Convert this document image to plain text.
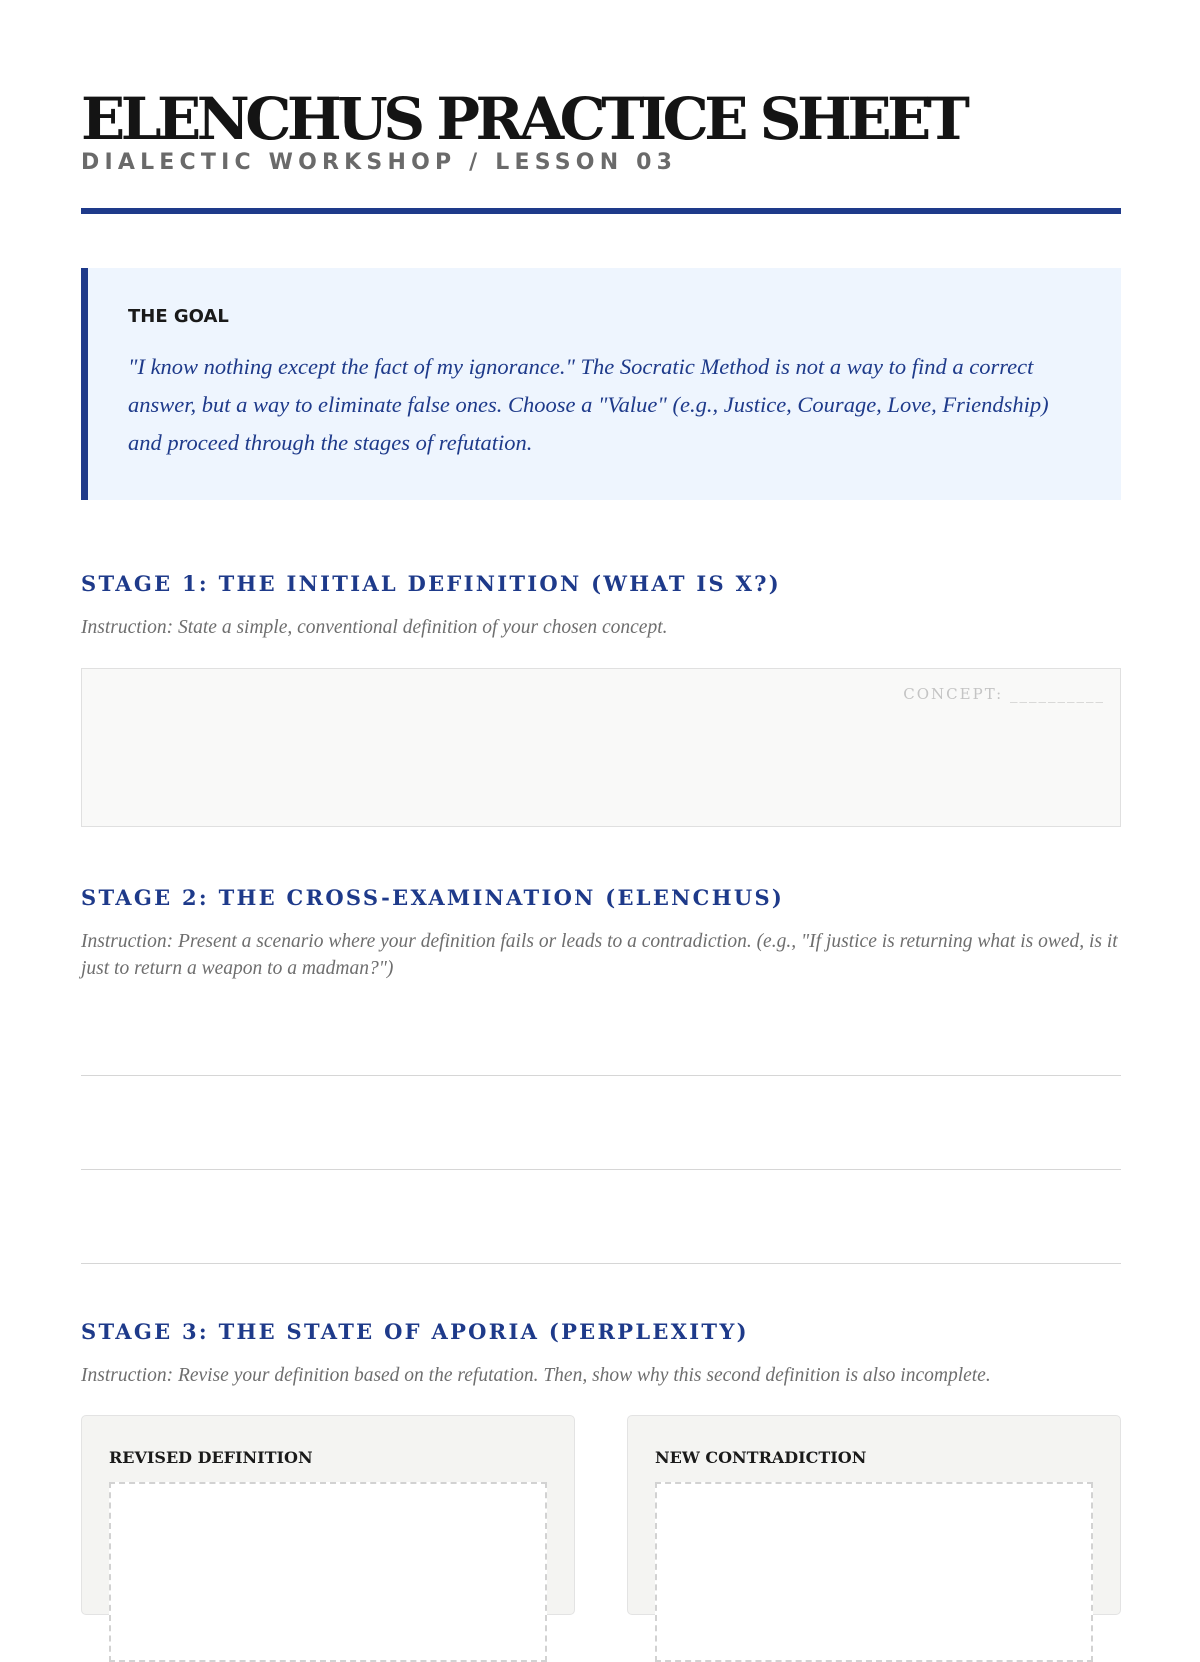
ELENCHUS PRACTICE SHEET
DIALECTIC WORKSHOP / LESSON 03
THE GOAL

"I know nothing except the fact of my ignorance." The Socratic Method is not a way to find a correct answer, but a way to eliminate false ones. Choose a "Value" (e.g., Justice, Courage, Love, Friendship) and proceed through the stages of refutation.

STAGE 1: THE INITIAL DEFINITION (WHAT IS X?)

Instruction: State a simple, conventional definition of your chosen concept.

CONCEPT: __________
STAGE 2: THE CROSS-EXAMINATION (ELENCHUS)

Instruction: Present a scenario where your definition fails or leads to a contradiction. (e.g., "If justice is returning what is owed, is it just to return a weapon to a madman?")

STAGE 3: THE STATE OF APORIA (PERPLEXITY)

Instruction: Revise your definition based on the refutation. Then, show why this second definition is also incomplete.

REVISED DEFINITION	NEW CONTRADICTION
